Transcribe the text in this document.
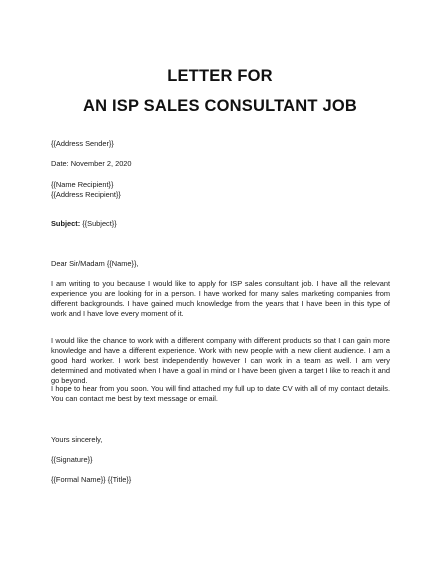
LETTER FOR
AN ISP SALES CONSULTANT JOB
{{Address Sender}}
Date: November 2, 2020
{{Name Recipient}}
{{Address Recipient}}
Subject: {{Subject}}
Dear Sir/Madam {{Name}},

I am writing to you because I would like to apply for ISP sales consultant job. I have all the relevant experience you are looking for in a person. I have worked for many sales marketing companies from different backgrounds. I have gained much knowledge from the years that I have been in this type of work and I have love every moment of it.

I would like the chance to work with a different company with different products so that I can gain more knowledge and have a different experience. Work with new people with a new client audience. I am a good hard worker. I work best independently however I can work in a team as well. I am very determined and motivated when I have a goal in mind or I have been given a target I like to reach it and go beyond.

I hope to hear from you soon. You will find attached my full up to date CV with all of my contact details. You can contact me best by text message or email.

Yours sincerely,
{{Signature}}
{{Formal Name}} {{Title}}
